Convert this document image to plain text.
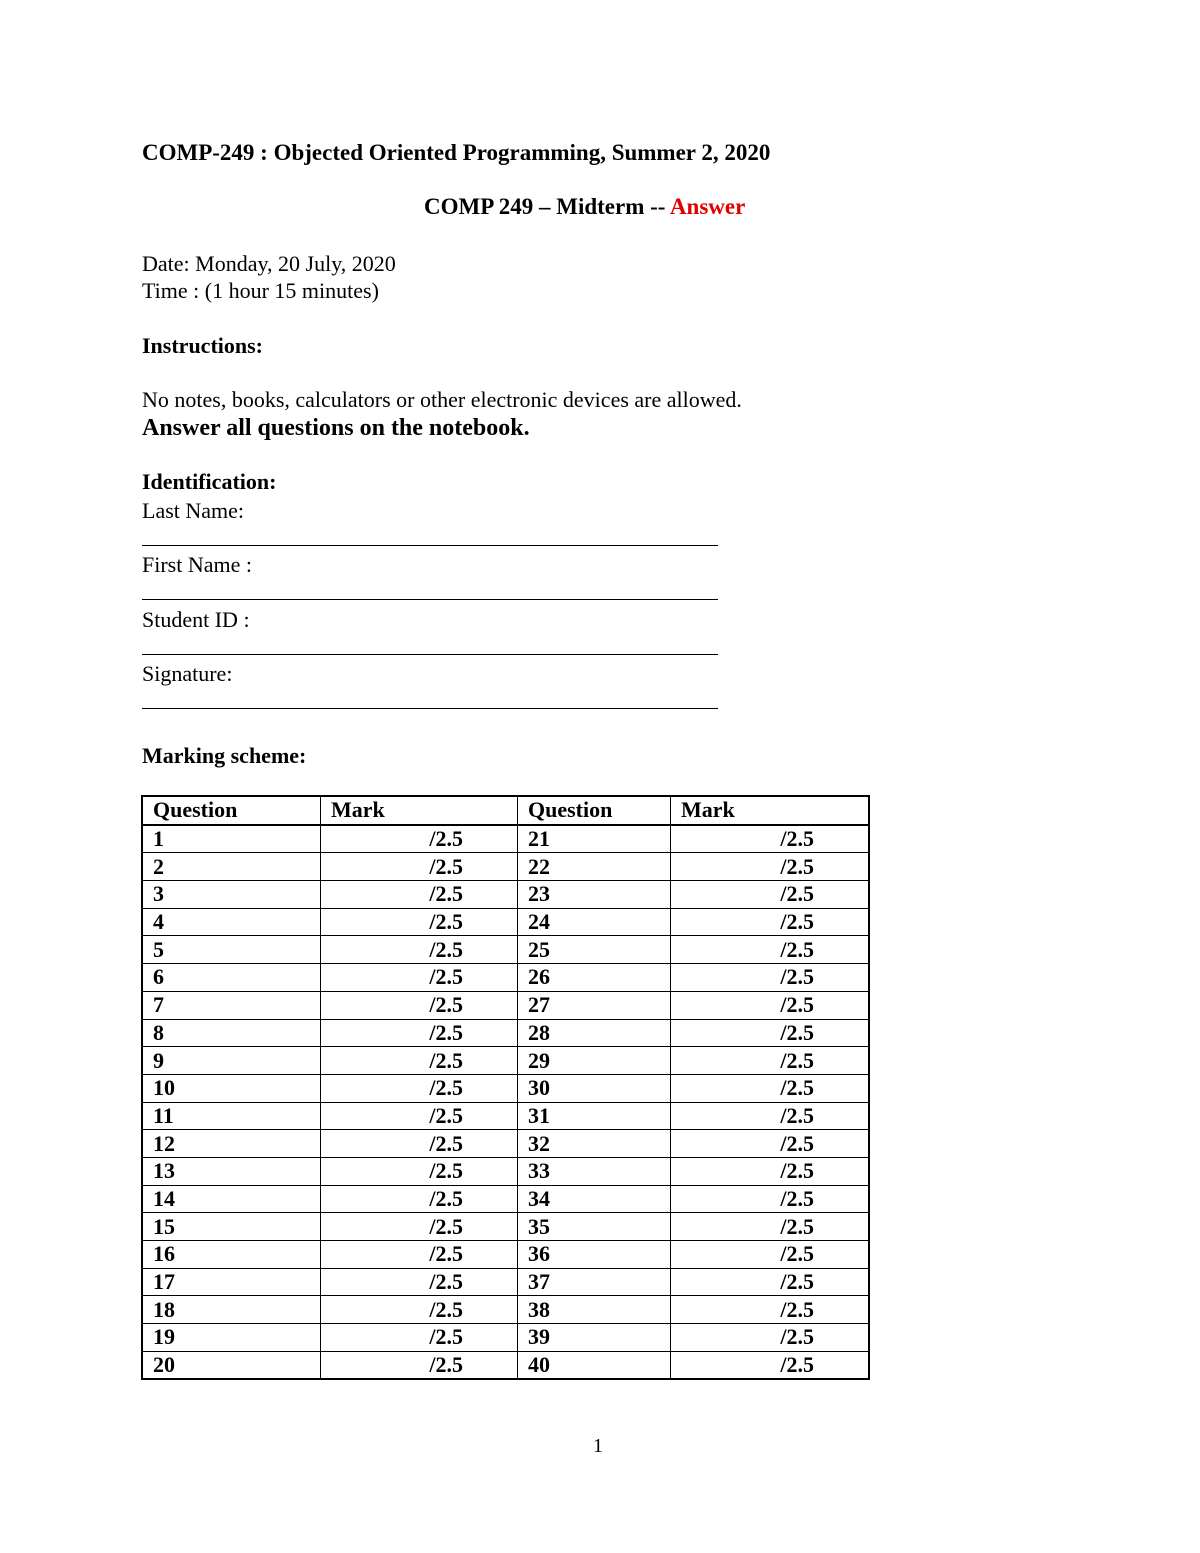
COMP-249 : Objected Oriented Programming, Summer 2, 2020
COMP 249 – Midterm -- Answer
Date: Monday, 20 July, 2020
Time : (1 hour 15 minutes)
Instructions:
No notes, books, calculators or other electronic devices are allowed.
Answer all questions on the notebook.
Identification:
Last Name:
First Name :
Student ID :
Signature:
Marking scheme:
Question	Mark	Question	Mark
1	/2.5	21	/2.5
2	/2.5	22	/2.5
3	/2.5	23	/2.5
4	/2.5	24	/2.5
5	/2.5	25	/2.5
6	/2.5	26	/2.5
7	/2.5	27	/2.5
8	/2.5	28	/2.5
9	/2.5	29	/2.5
10	/2.5	30	/2.5
11	/2.5	31	/2.5
12	/2.5	32	/2.5
13	/2.5	33	/2.5
14	/2.5	34	/2.5
15	/2.5	35	/2.5
16	/2.5	36	/2.5
17	/2.5	37	/2.5
18	/2.5	38	/2.5
19	/2.5	39	/2.5
20	/2.5	40	/2.5
1
